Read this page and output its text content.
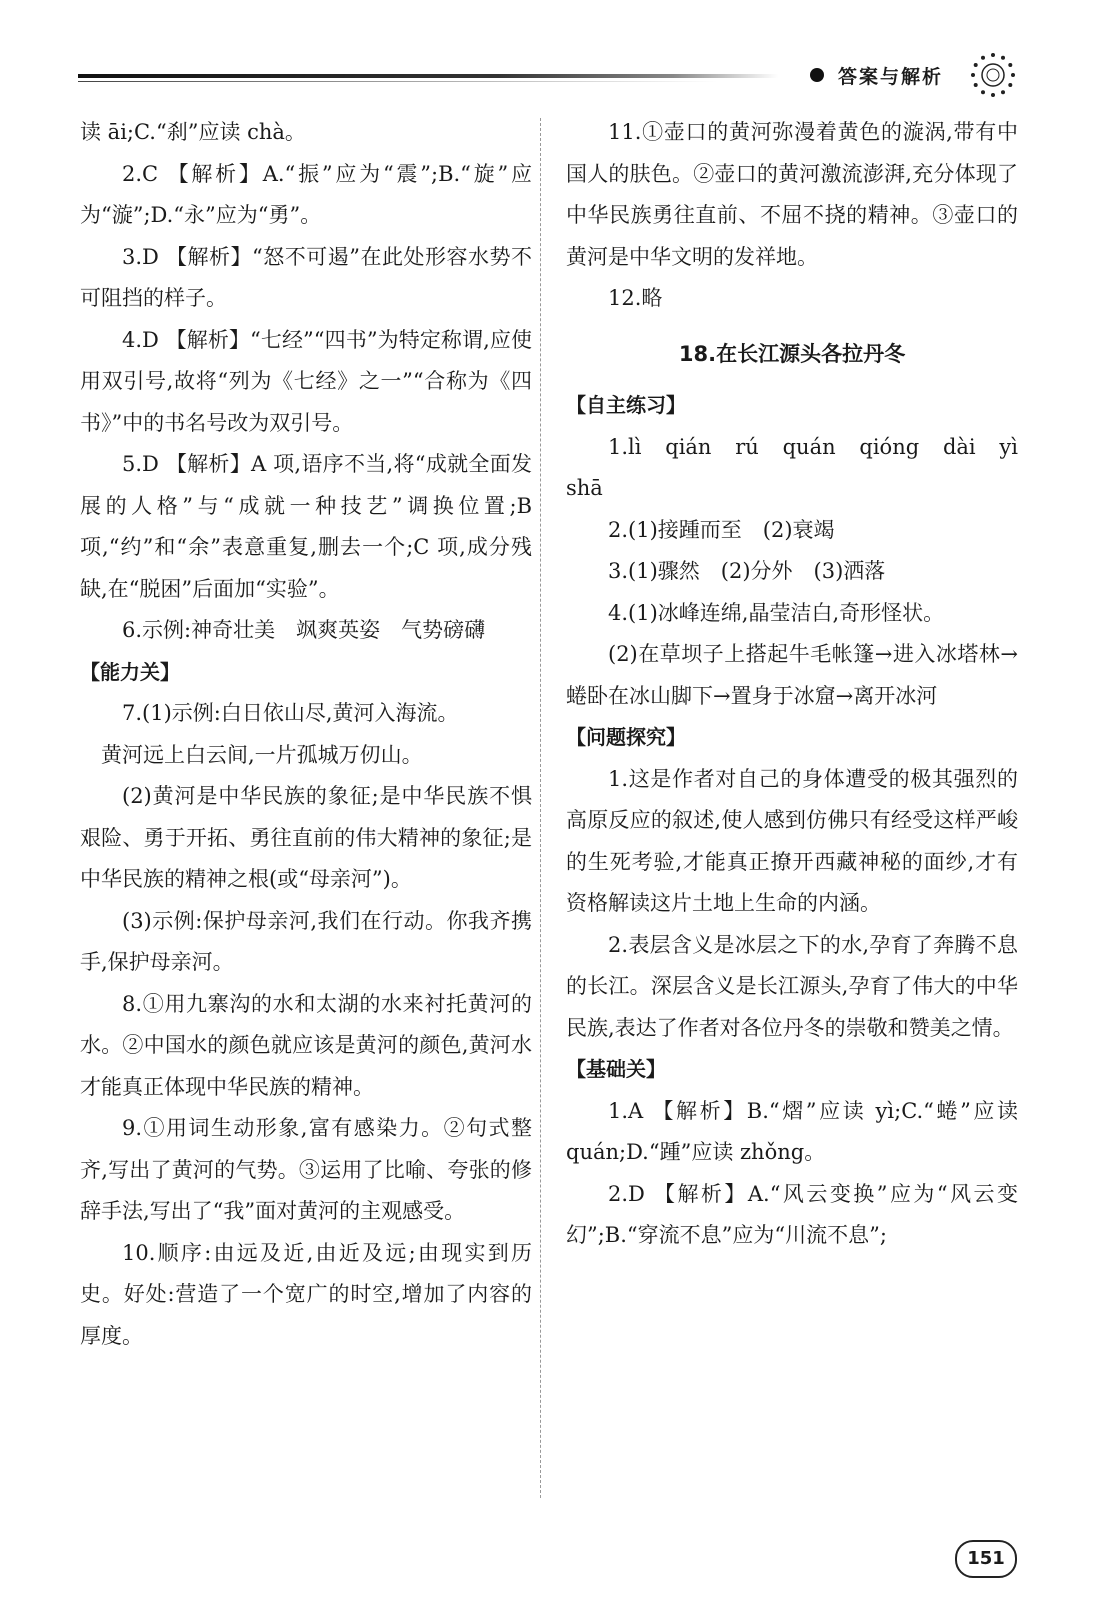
答案与解析

读 āi;C.“刹”应读 chà。

2.C 【解析】A.“振”应为“震”;B.“旋”应为“漩”;D.“永”应为“勇”。

3.D 【解析】“怒不可遏”在此处形容水势不可阻挡的样子。

4.D 【解析】“七经”“四书”为特定称谓,应使用双引号,故将“列为《七经》之一”“合称为《四书》”中的书名号改为双引号。

5.D 【解析】A 项,语序不当,将“成就全面发展的人格”与“成就一种技艺”调换位置;B 项,“约”和“余”表意重复,删去一个;C 项,成分残缺,在“脱困”后面加“实验”。

6.示例:神奇壮美　飒爽英姿　气势磅礴

【能力关】

7.(1)示例:白日依山尽,黄河入海流。

黄河远上白云间,一片孤城万仞山。

(2)黄河是中华民族的象征;是中华民族不惧艰险、勇于开拓、勇往直前的伟大精神的象征;是中华民族的精神之根(或“母亲河”)。

(3)示例:保护母亲河,我们在行动。你我齐携手,保护母亲河。

8.①用九寨沟的水和太湖的水来衬托黄河的水。②中国水的颜色就应该是黄河的颜色,黄河水才能真正体现中华民族的精神。

9.①用词生动形象,富有感染力。②句式整齐,写出了黄河的气势。③运用了比喻、夸张的修辞手法,写出了“我”面对黄河的主观感受。

10.顺序:由远及近,由近及远;由现实到历史。好处:营造了一个宽广的时空,增加了内容的厚度。

11.①壶口的黄河弥漫着黄色的漩涡,带有中国人的肤色。②壶口的黄河激流澎湃,充分体现了中华民族勇往直前、不屈不挠的精神。③壶口的黄河是中华文明的发祥地。

12.略

18.在长江源头各拉丹冬

【自主练习】

1.lì　qián　rú　quán　qióng　dài　yì　shā

2.(1)接踵而至　(2)衰竭

3.(1)骤然　(2)分外　(3)洒落

4.(1)冰峰连绵,晶莹洁白,奇形怪状。

(2)在草坝子上搭起牛毛帐篷→进入冰塔林→蜷卧在冰山脚下→置身于冰窟→离开冰河

【问题探究】

1.这是作者对自己的身体遭受的极其强烈的高原反应的叙述,使人感到仿佛只有经受这样严峻的生死考验,才能真正撩开西藏神秘的面纱,才有资格解读这片土地上生命的内涵。

2.表层含义是冰层之下的水,孕育了奔腾不息的长江。深层含义是长江源头,孕育了伟大的中华民族,表达了作者对各位丹冬的崇敬和赞美之情。

【基础关】

1.A 【解析】B.“熠”应读 yì;C.“蜷”应读 quán;D.“踵”应读 zhǒng。

2.D 【解析】A.“风云变换”应为“风云变幻”;B.“穿流不息”应为“川流不息”;

151
